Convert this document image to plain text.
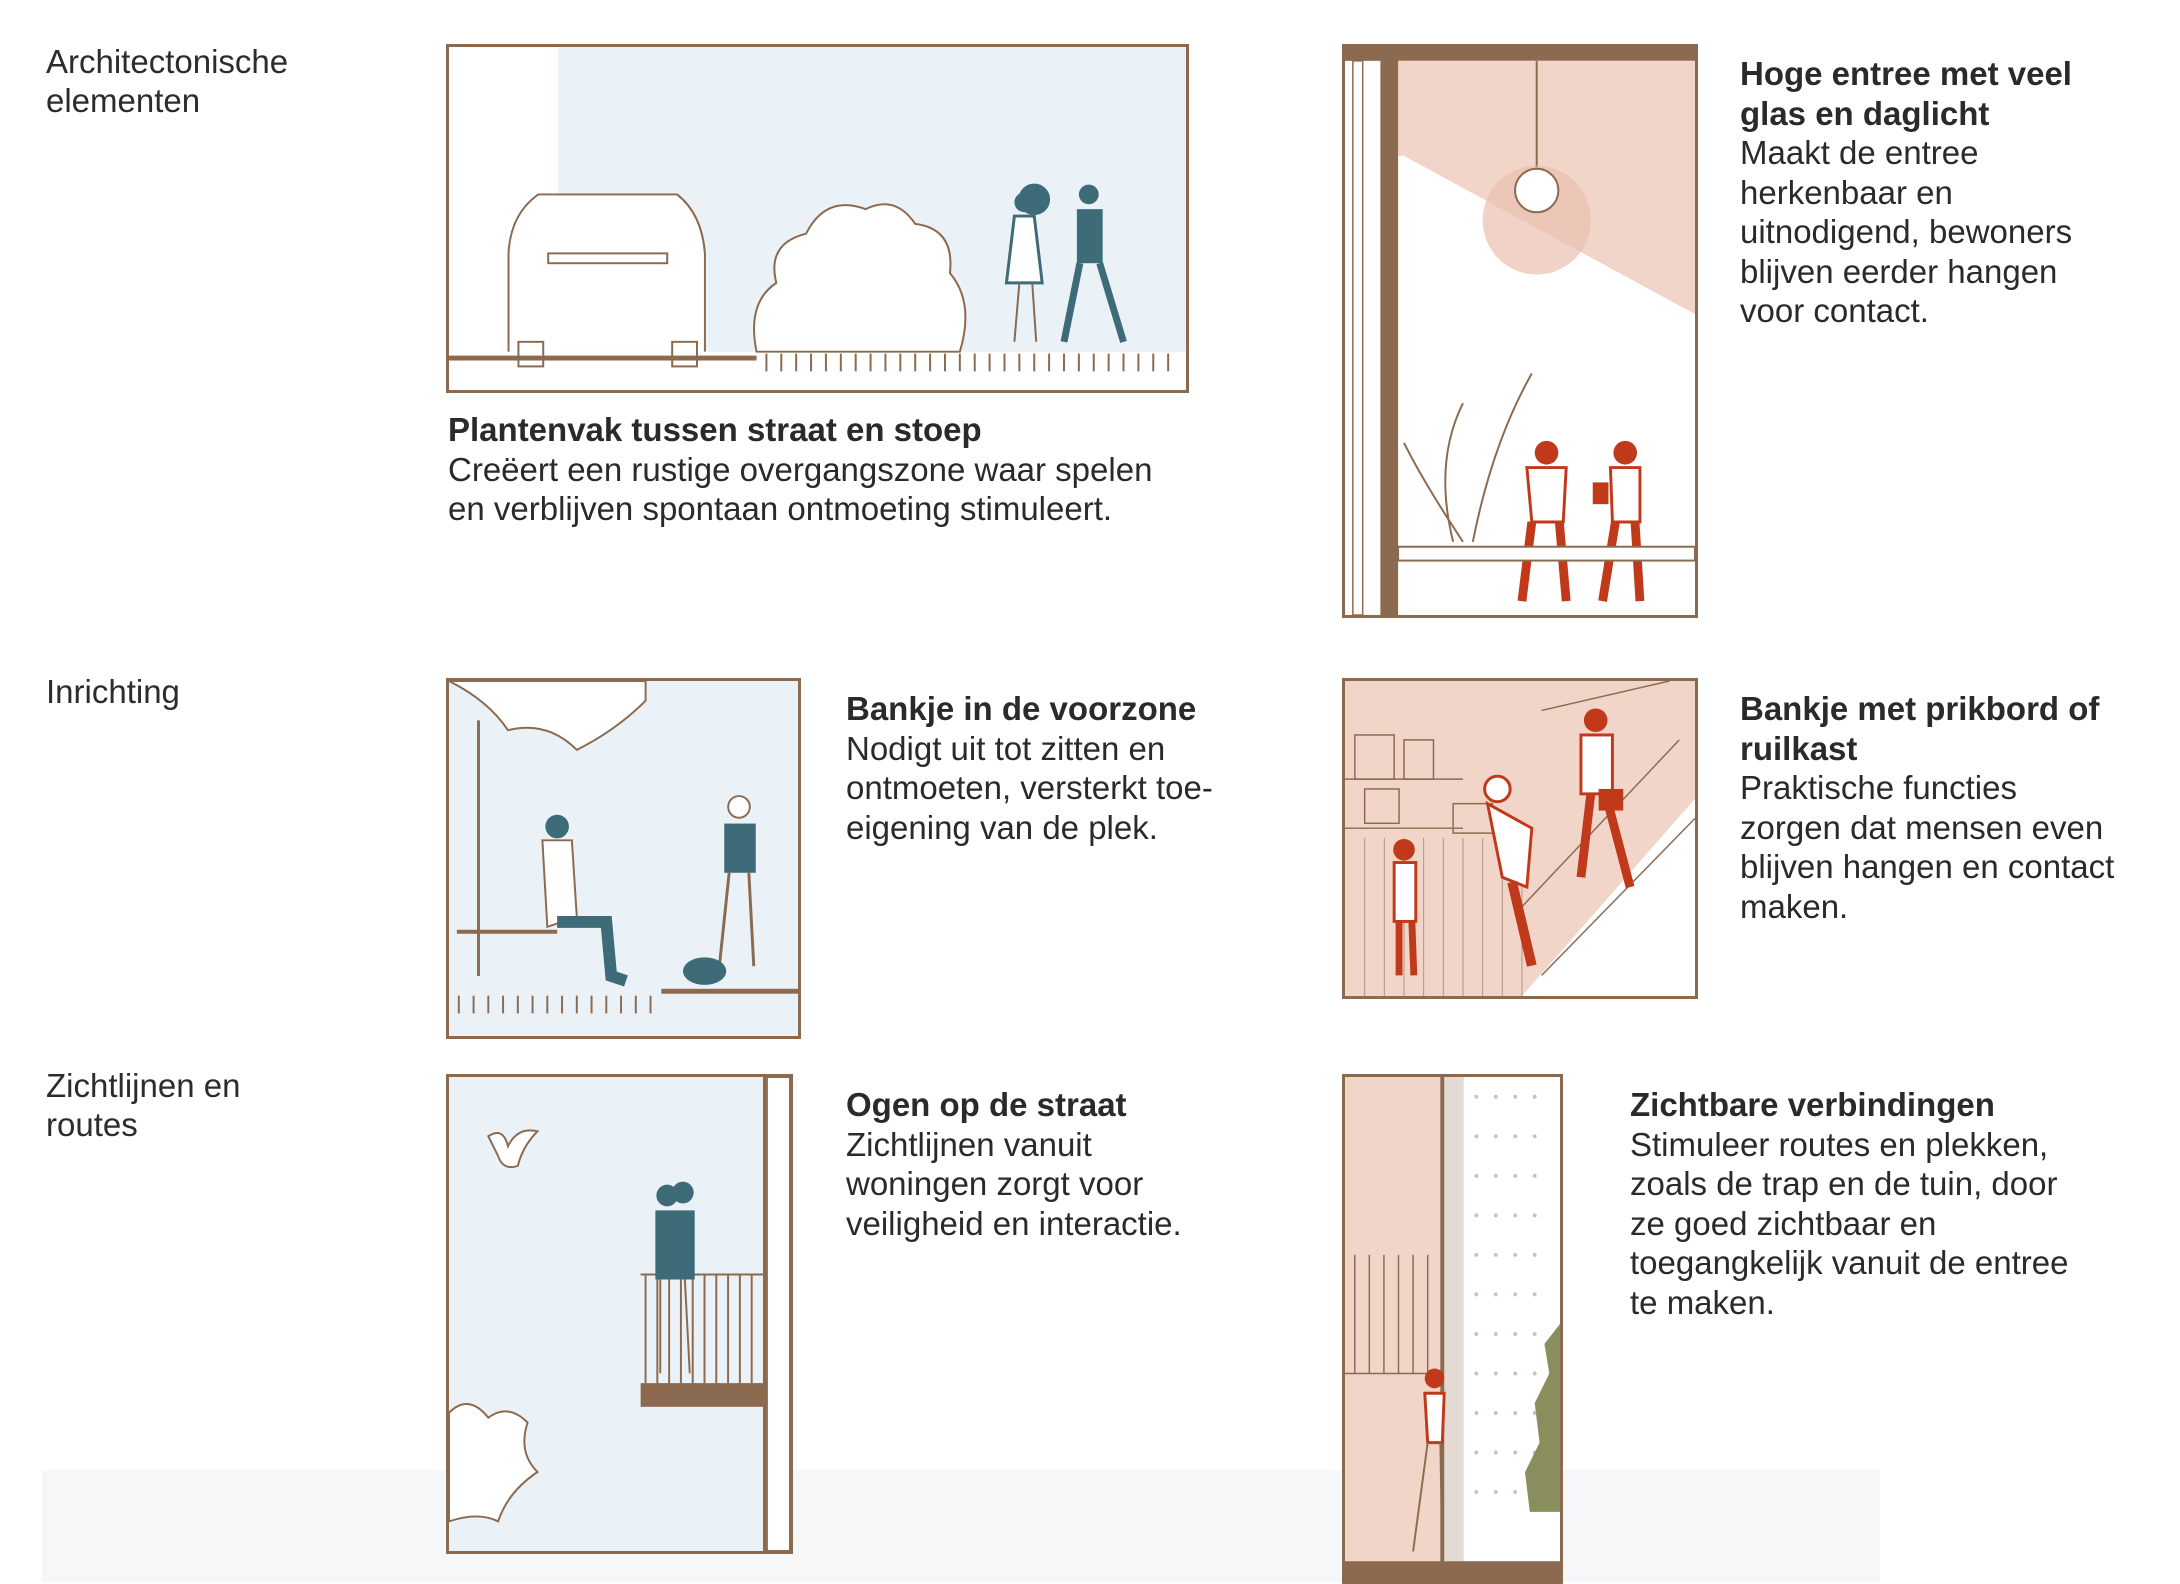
Architectonische elementen
Inrichting
Zichtlijnen en routes
Plantenvak tussen straat en stoep
Creëert een rustige overgangszone waar spelen en verblijven spontaan ontmoeting stimuleert.
Hoge entree met veel glas en daglicht
Maakt de entree herkenbaar en uitnodigend, bewoners blijven eerder hangen voor contact.
Bankje in de voorzone
Nodigt uit tot zitten en ontmoeten, versterkt toe-eigening van de plek.
Bankje met prikbord of ruilkast
Praktische functies zorgen dat mensen even blijven hangen en contact maken.
Ogen op de straat
Zichtlijnen vanuit woningen zorgt voor veiligheid en interactie.
Zichtbare verbindingen
Stimuleer routes en plekken, zoals de trap en de tuin, door ze goed zichtbaar en toegangkelijk vanuit de entree te maken.
